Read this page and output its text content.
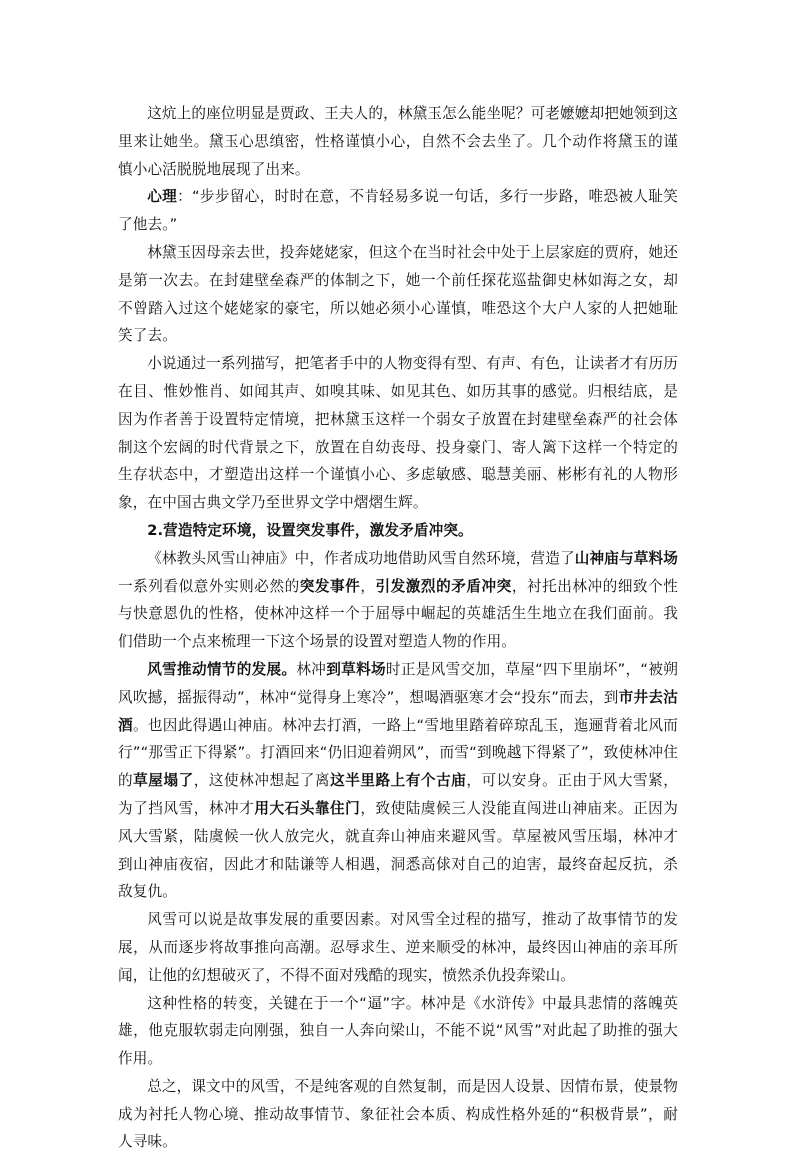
这炕上的座位明显是贾政、王夫人的，林黛玉怎么能坐呢？可老嬷嬷却把她领到这里来让她坐。黛玉心思缜密，性格谨慎小心，自然不会去坐了。几个动作将黛玉的谨慎小心活脱脱地展现了出来。

心理：“步步留心，时时在意，不肯轻易多说一句话，多行一步路，唯恐被人耻笑了他去。”

林黛玉因母亲去世，投奔姥姥家，但这个在当时社会中处于上层家庭的贾府，她还是第一次去。在封建壁垒森严的体制之下，她一个前任探花巡盐御史林如海之女，却不曾踏入过这个姥姥家的豪宅，所以她必须小心谨慎，唯恐这个大户人家的人把她耻笑了去。

小说通过一系列描写，把笔者手中的人物变得有型、有声、有色，让读者才有历历在目、惟妙惟肖、如闻其声、如嗅其味、如见其色、如历其事的感觉。归根结底，是因为作者善于设置特定情境，把林黛玉这样一个弱女子放置在封建壁垒森严的社会体制这个宏阔的时代背景之下，放置在自幼丧母、投身豪门、寄人篱下这样一个特定的生存状态中，才塑造出这样一个谨慎小心、多虑敏感、聪慧美丽、彬彬有礼的人物形象，在中国古典文学乃至世界文学中熠熠生辉。

2.营造特定环境，设置突发事件，激发矛盾冲突。

《林教头风雪山神庙》中，作者成功地借助风雪自然环境，营造了山神庙与草料场一系列看似意外实则必然的突发事件，引发激烈的矛盾冲突，衬托出林冲的细致个性与快意恩仇的性格，使林冲这样一个于屈辱中崛起的英雄活生生地立在我们面前。我们借助一个点来梳理一下这个场景的设置对塑造人物的作用。

风雪推动情节的发展。林冲到草料场时正是风雪交加，草屋“四下里崩坏”，“被朔风吹撼，摇振得动”，林冲“觉得身上寒冷”，想喝酒驱寒才会“投东”而去，到市井去沽酒。也因此得遇山神庙。林冲去打酒，一路上“雪地里踏着碎琼乱玉，迤逦背着北风而行”“那雪正下得紧”。打酒回来“仍旧迎着朔风”，而雪“到晚越下得紧了”，致使林冲住的草屋塌了，这使林冲想起了离这半里路上有个古庙，可以安身。正由于风大雪紧，为了挡风雪，林冲才用大石头靠住门，致使陆虞候三人没能直闯进山神庙来。正因为风大雪紧，陆虞候一伙人放完火，就直奔山神庙来避风雪。草屋被风雪压塌，林冲才到山神庙夜宿，因此才和陆谦等人相遇，洞悉高俅对自己的迫害，最终奋起反抗，杀敌复仇。

风雪可以说是故事发展的重要因素。对风雪全过程的描写，推动了故事情节的发展，从而逐步将故事推向高潮。忍辱求生、逆来顺受的林冲，最终因山神庙的亲耳所闻，让他的幻想破灭了，不得不面对残酷的现实，愤然杀仇投奔梁山。

这种性格的转变，关键在于一个“逼”字。林冲是《水浒传》中最具悲情的落魄英雄，他克服软弱走向刚强，独自一人奔向梁山，不能不说“风雪”对此起了助推的强大作用。

总之，课文中的风雪，不是纯客观的自然复制，而是因人设景、因情布景，使景物成为衬托人物心境、推动故事情节、象征社会本质、构成性格外延的“积极背景”，耐人寻味。
